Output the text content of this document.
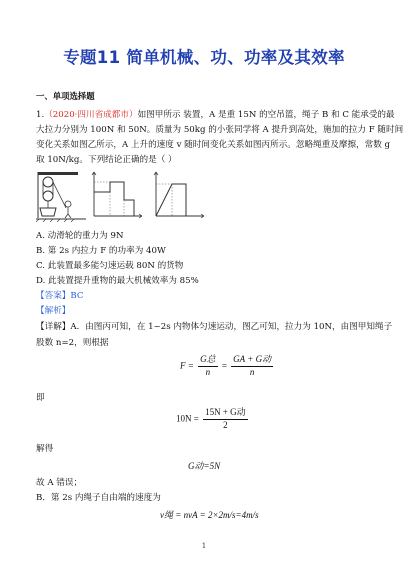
专题11 简单机械、功、功率及其效率
一、单项选择题
1.（2020·四川省成都市）如图甲所示 装置，A 是重 15N 的空吊篮，绳子 B 和 C 能承受的最
大拉力分别为 100N 和 50N。质量为 50kg 的小张同学将 A 提升到高处，施加的拉力 F 随时间
变化关系如图乙所示，A 上升的速度 v 随时间变化关系如图丙所示。忽略绳重及摩擦，常数 g
取 10N/kg。下列结论正确的是（ ）
A. 动滑轮的重力为 9N
B. 第 2s 内拉力 F 的功率为 40W
C. 此装置最多能匀速运载 80N 的货物
D. 此装置提升重物的最大机械效率为 85%
【答案】BC
【解析】
【详解】A．由图丙可知，在 1~2s 内物体匀速运动，图乙可知，拉力为 10N，由图甲知绳子
股数 n=2，则根据
$F = \frac{\text{G总}}{n} = \frac{\text{GA + G动}}{n}$
即
$10N = \frac{\text{15N + G动}}{2}$
解得
G动=5N
故 A 错误；
B．第 2s 内绳子自由端的速度为
v绳 = nvA = 2×2m/s=4m/s
1
